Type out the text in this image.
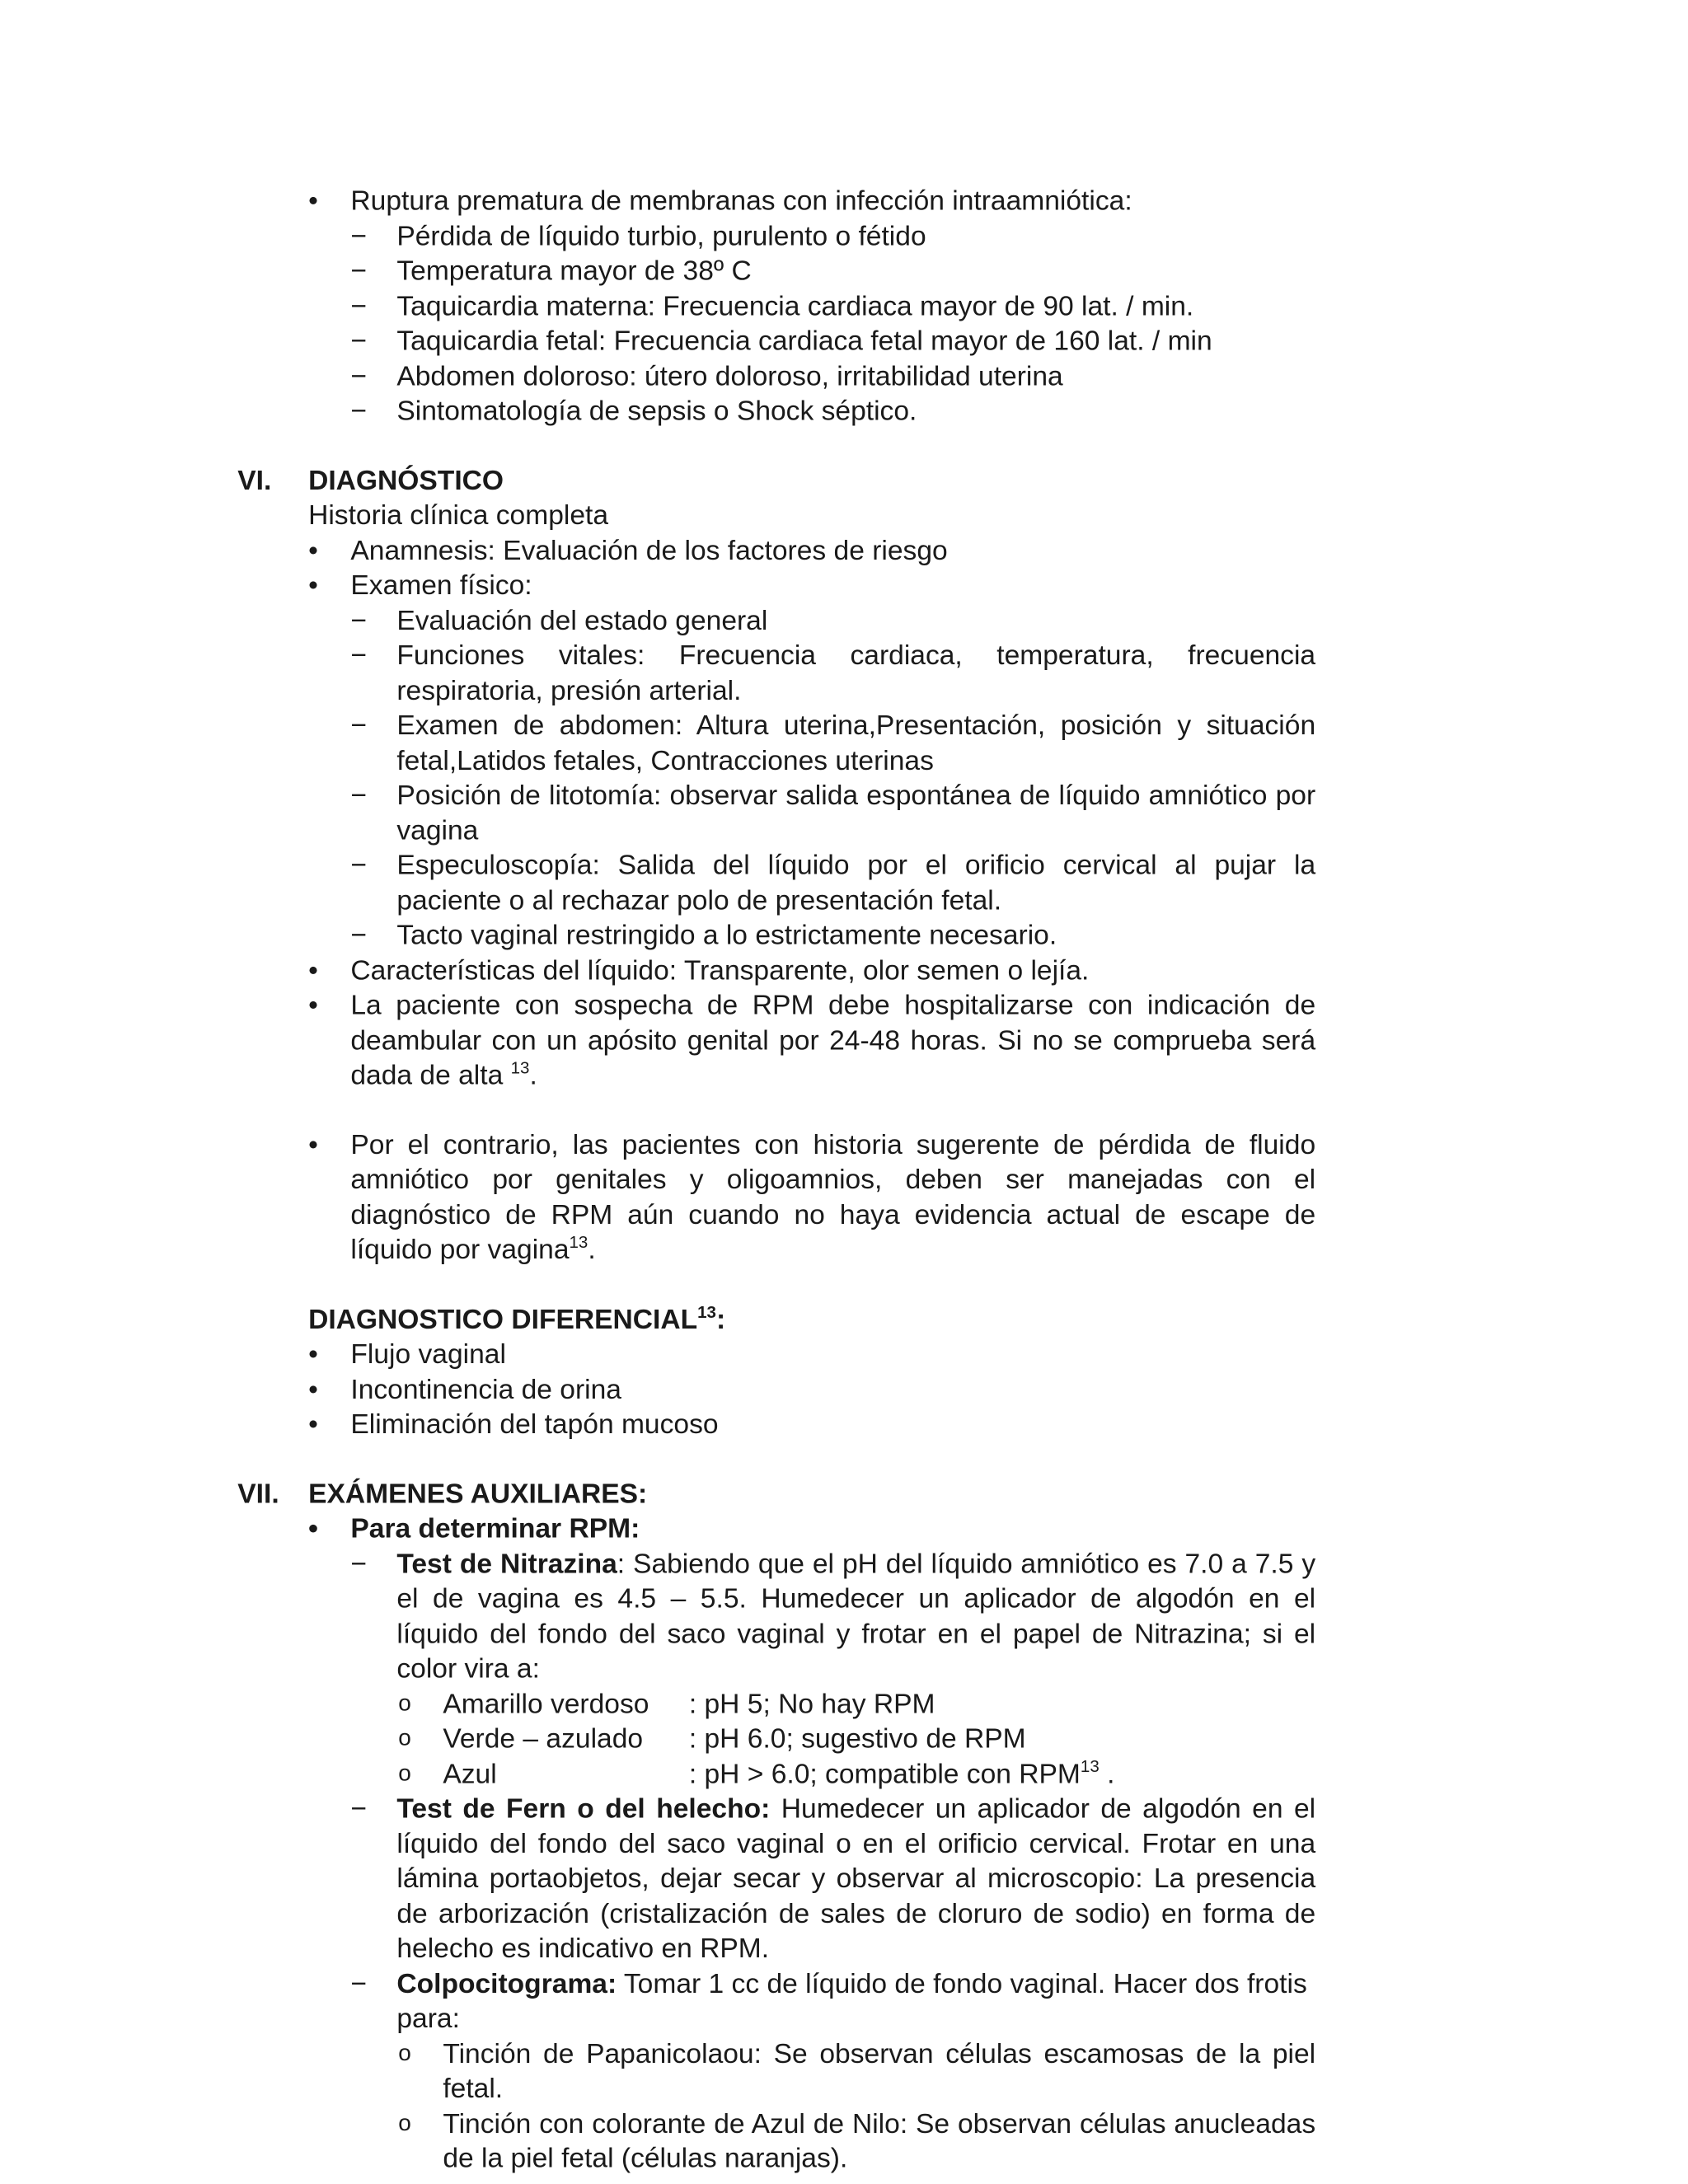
•	Ruptura prematura de membranas con infección intraamniótica:
− Pérdida de líquido turbio, purulento o fétido
− Temperatura mayor de 38º C
− Taquicardia materna: Frecuencia cardiaca mayor de 90 lat. / min.
− Taquicardia fetal: Frecuencia cardiaca fetal mayor de 160 lat. / min
− Abdomen doloroso: útero doloroso, irritabilidad uterina
− Sintomatología de sepsis o Shock séptico.
VI. DIAGNÓSTICO
Historia clínica completa
•	Anamnesis: Evaluación de los factores de riesgo
•	Examen físico:
− Evaluación del estado general
− Funciones vitales: Frecuencia cardiaca, temperatura, frecuencia respiratoria, presión arterial.
− Examen de abdomen: Altura uterina,Presentación, posición y situación fetal,Latidos fetales, Contracciones uterinas
− Posición de litotomía: observar salida espontánea de líquido amniótico por vagina
− Especuloscopía: Salida del líquido por el orificio cervical al pujar la paciente o al rechazar polo de presentación fetal.
− Tacto vaginal restringido a lo estrictamente necesario.
•	Características del líquido: Transparente, olor semen o lejía.
•	La paciente con sospecha de RPM debe hospitalizarse con indicación de deambular con un apósito genital por 24-48 horas. Si no se comprueba será dada de alta $^{13}$.
•	Por el contrario, las pacientes con historia sugerente de pérdida de fluido amniótico por genitales y oligoamnios, deben ser manejadas con el diagnóstico de RPM aún cuando no haya evidencia actual de escape de líquido por vagina$^{13}$.
DIAGNOSTICO DIFERENCIAL$^{13}$:
•	Flujo vaginal
•	Incontinencia de orina
•	Eliminación del tapón mucoso
VII. EXÁMENES AUXILIARES:
•	Para determinar RPM:
− Test de Nitrazina: Sabiendo que el pH del líquido amniótico es 7.0 a 7.5 y el de vagina es 4.5 – 5.5. Humedecer un aplicador de algodón en el líquido del fondo del saco vaginal y frotar en el papel de Nitrazina; si el color vira a:
o Amarillo verdoso : pH 5; No hay RPM
o Verde – azulado : pH 6.0; sugestivo de RPM
o Azul	: pH > 6.0; compatible con RPM$^{13}$ .
− Test de Fern o del helecho: Humedecer un aplicador de algodón en el líquido del fondo del saco vaginal o en el orificio cervical. Frotar en una lámina portaobjetos, dejar secar y observar al microscopio: La presencia de arborización (cristalización de sales de cloruro de sodio) en forma de helecho es indicativo en RPM.
− Colpocitograma: Tomar 1 cc de líquido de fondo vaginal. Hacer dos frotis para:
o Tinción de Papanicolaou: Se observan células escamosas de la piel fetal.
o Tinción con colorante de Azul de Nilo: Se observan células anucleadas de la piel fetal (células naranjas).
